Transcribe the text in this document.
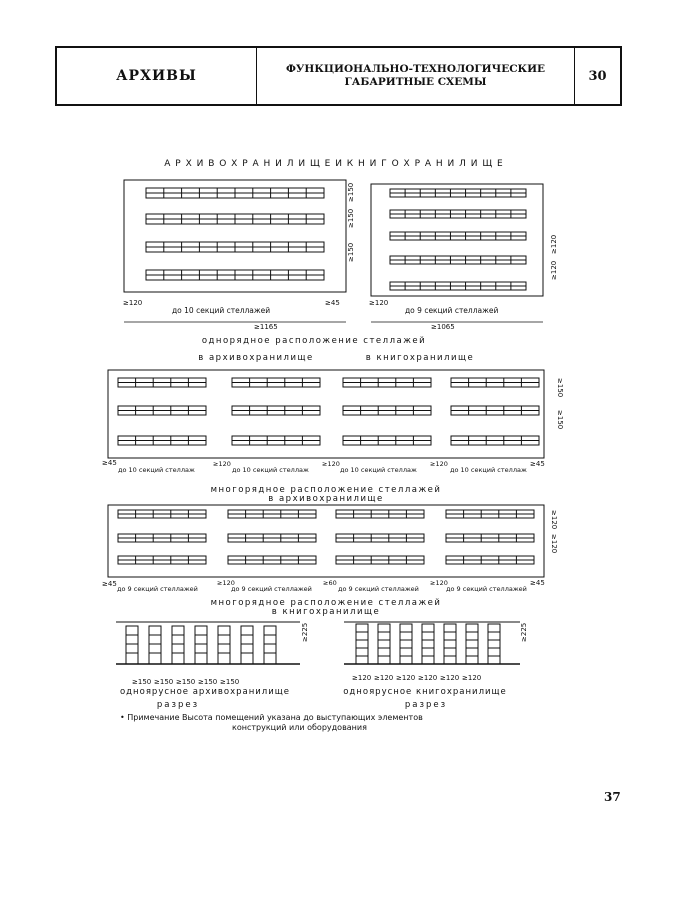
АРХИВЫ	ФУНКЦИОНАЛЬНО-ТЕХНОЛОГИЧЕСКИЕ
ГАБАРИТНЫЕ СХЕМЫ	30
А Р Х И В О Х Р А Н И Л И Щ Е И К Н И Г О Х Р А Н И Л И Щ Е
≥120
до 10 секций стеллажей
≥45
≥1165
≥150
≥150
≥150
≥120
до 9 секций стеллажей
≥1065
≥120
≥120
однорядное расположение стеллажей
в архивохранилище	в книгохранилище
≥45
до 10 секций стеллаж
≥120
до 10 секций стеллаж
≥120
до 10 секций стеллаж
≥120
до 10 секций стеллаж
≥45
≥150
≥150
многорядное расположение стеллажей
в архивохранилище
≥45
до 9 секций стеллажей
≥120
до 9 секций стеллажей
≥60
до 9 секций стеллажей
≥120
до 9 секций стеллажей
≥45
≥120
≥120
многорядное расположение стеллажей
в книгохранилище
≥225
≥150 ≥150 ≥150 ≥150 ≥150
одноярусное архивохранилище
разрез
≥225
≥120 ≥120 ≥120 ≥120 ≥120 ≥120
одноярусное книгохранилище
разрез
• Примечание Высота помещений указана до выступающих элементов
конструкций или оборудования
37
